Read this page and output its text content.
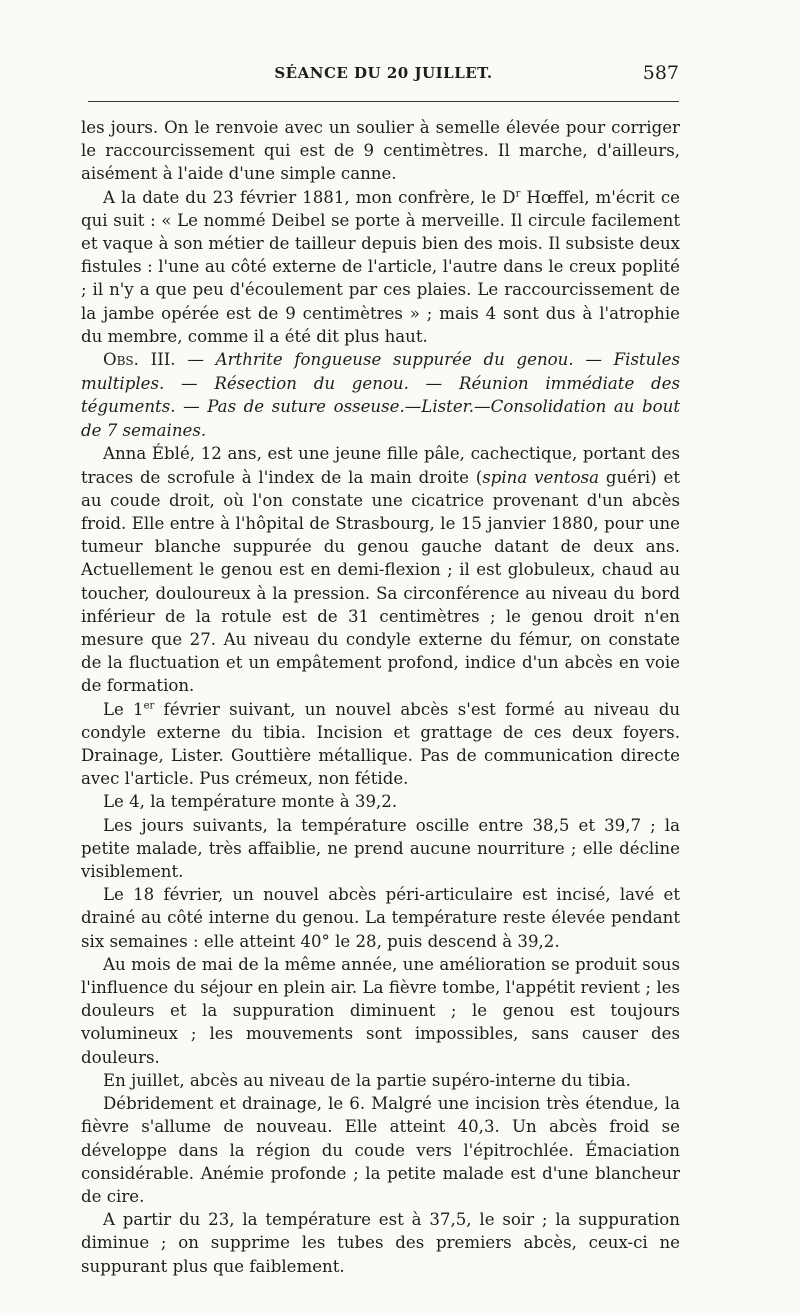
SÉANCE DU 20 JUILLET.	587

les jours. On le renvoie avec un soulier à semelle élevée pour corriger le raccourcissement qui est de 9 centimètres. Il marche, d'ailleurs, aisément à l'aide d'une simple canne.

A la date du 23 février 1881, mon confrère, le $D^r$ Hœffel, m'écrit ce qui suit : « Le nommé Deibel se porte à merveille. Il circule facilement et vaque à son métier de tailleur depuis bien des mois. Il subsiste deux fistules : l'une au côté externe de l'article, l'autre dans le creux poplité ; il n'y a que peu d'écoulement par ces plaies. Le raccourcissement de la jambe opérée est de 9 centimètres » ; mais 4 sont dus à l'atrophie du membre, comme il a été dit plus haut.

Obs. III. — Arthrite fongueuse suppurée du genou. — Fistules multiples. — Résection du genou. — Réunion immédiate des téguments. — Pas de suture osseuse.—Lister.—Consolidation au bout de 7 semaines.

Anna Éblé, 12 ans, est une jeune fille pâle, cachectique, portant des traces de scrofule à l'index de la main droite (spina ventosa guéri) et au coude droit, où l'on constate une cicatrice provenant d'un abcès froid. Elle entre à l'hôpital de Strasbourg, le 15 janvier 1880, pour une tumeur blanche suppurée du genou gauche datant de deux ans. Actuellement le genou est en demi-flexion ; il est globuleux, chaud au toucher, douloureux à la pression. Sa circonférence au niveau du bord inférieur de la rotule est de 31 centimètres ; le genou droit n'en mesure que 27. Au niveau du condyle externe du fémur, on constate de la fluctuation et un empâtement profond, indice d'un abcès en voie de formation.

Le 1er février suivant, un nouvel abcès s'est formé au niveau du condyle externe du tibia. Incision et grattage de ces deux foyers. Drainage, Lister. Gouttière métallique. Pas de communication directe avec l'article. Pus crémeux, non fétide.

Le 4, la température monte à 39,2.

Les jours suivants, la température oscille entre 38,5 et 39,7 ; la petite malade, très affaiblie, ne prend aucune nourriture ; elle décline visiblement.

Le 18 février, un nouvel abcès péri-articulaire est incisé, lavé et drainé au côté interne du genou. La température reste élevée pendant six semaines : elle atteint 40° le 28, puis descend à 39,2.

Au mois de mai de la même année, une amélioration se produit sous l'influence du séjour en plein air. La fièvre tombe, l'appétit revient ; les douleurs et la suppuration diminuent ; le genou est toujours volumineux ; les mouvements sont impossibles, sans causer des douleurs.

En juillet, abcès au niveau de la partie supéro-interne du tibia.

Débridement et drainage, le 6. Malgré une incision très étendue, la fièvre s'allume de nouveau. Elle atteint 40,3. Un abcès froid se développe dans la région du coude vers l'épitrochlée. Émaciation considérable. Anémie profonde ; la petite malade est d'une blancheur de cire.

A partir du 23, la température est à 37,5, le soir ; la suppuration diminue ; on supprime les tubes des premiers abcès, ceux-ci ne suppurant plus que faiblement.
